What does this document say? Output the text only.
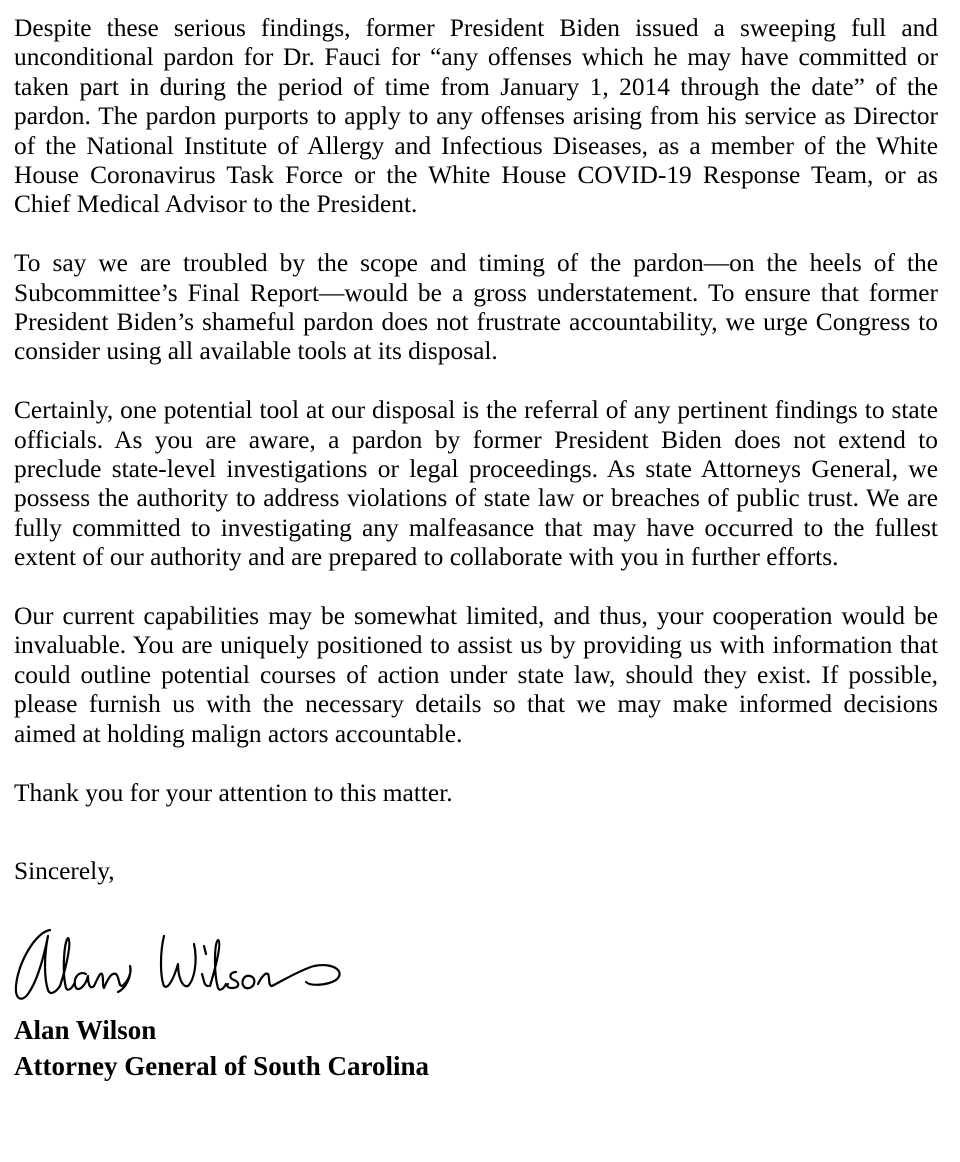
Despite these serious findings, former President Biden issued a sweeping full and unconditional pardon for Dr. Fauci for “any offenses which he may have committed or taken part in during the period of time from January 1, 2014 through the date” of the pardon. The pardon purports to apply to any offenses arising from his service as Director of the National Institute of Allergy and Infectious Diseases, as a member of the White House Coronavirus Task Force or the White House COVID-19 Response Team, or as Chief Medical Advisor to the President.

To say we are troubled by the scope and timing of the pardon—on the heels of the Subcommittee’s Final Report—would be a gross understatement. To ensure that former President Biden’s shameful pardon does not frustrate accountability, we urge Congress to consider using all available tools at its disposal.

Certainly, one potential tool at our disposal is the referral of any pertinent findings to state officials. As you are aware, a pardon by former President Biden does not extend to preclude state-level investigations or legal proceedings. As state Attorneys General, we possess the authority to address violations of state law or breaches of public trust. We are fully committed to investigating any malfeasance that may have occurred to the fullest extent of our authority and are prepared to collaborate with you in further efforts.

Our current capabilities may be somewhat limited, and thus, your cooperation would be invaluable. You are uniquely positioned to assist us by providing us with information that could outline potential courses of action under state law, should they exist. If possible, please furnish us with the necessary details so that we may make informed decisions aimed at holding malign actors accountable.

Thank you for your attention to this matter.

Sincerely,

Alan Wilson

Attorney General of South Carolina
